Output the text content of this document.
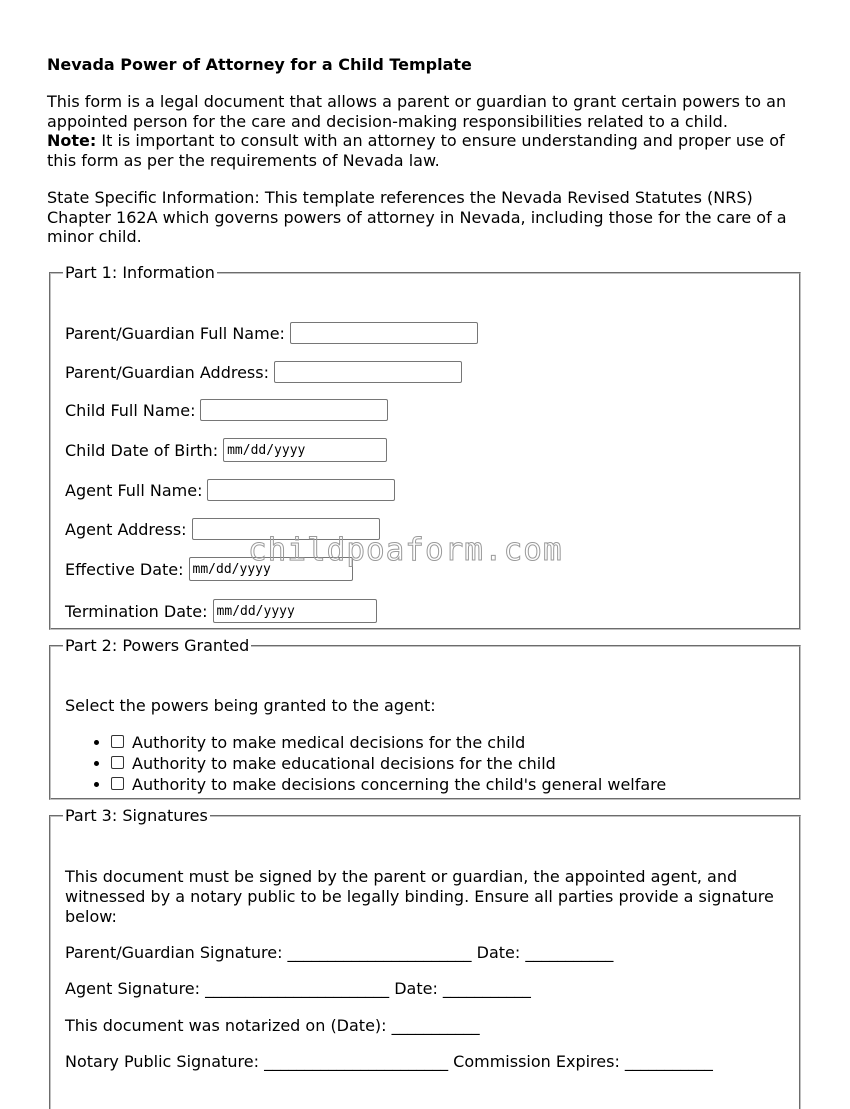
Nevada Power of Attorney for a Child Template

This form is a legal document that allows a parent or guardian to grant certain powers to an appointed person for the care and decision-making responsibilities related to a child.
Note: It is important to consult with an attorney to ensure understanding and proper use of this form as per the requirements of Nevada law.

State Specific Information: This template references the Nevada Revised Statutes (NRS) Chapter 162A which governs powers of attorney in Nevada, including those for the care of a minor child.

Part 1: Information
Parent/Guardian Full Name:
Parent/Guardian Address:
Child Full Name:
Child Date of Birth: mm/dd/yyyy
Agent Full Name:
Agent Address:
Effective Date: mm/dd/yyyy
Termination Date: mm/dd/yyyy
Part 2: Powers Granted
Select the powers being granted to the agent:
• Authority to make medical decisions for the child
• Authority to make educational decisions for the child
• Authority to make decisions concerning the child's general welfare
Part 3: Signatures
This document must be signed by the parent or guardian, the appointed agent, and witnessed by a notary public to be legally binding. Ensure all parties provide a signature below:
Parent/Guardian Signature: _______________________ Date: ___________
Agent Signature: _______________________ Date: ___________
This document was notarized on (Date): ___________
Notary Public Signature: _______________________ Commission Expires: ___________
childpoaform.com
